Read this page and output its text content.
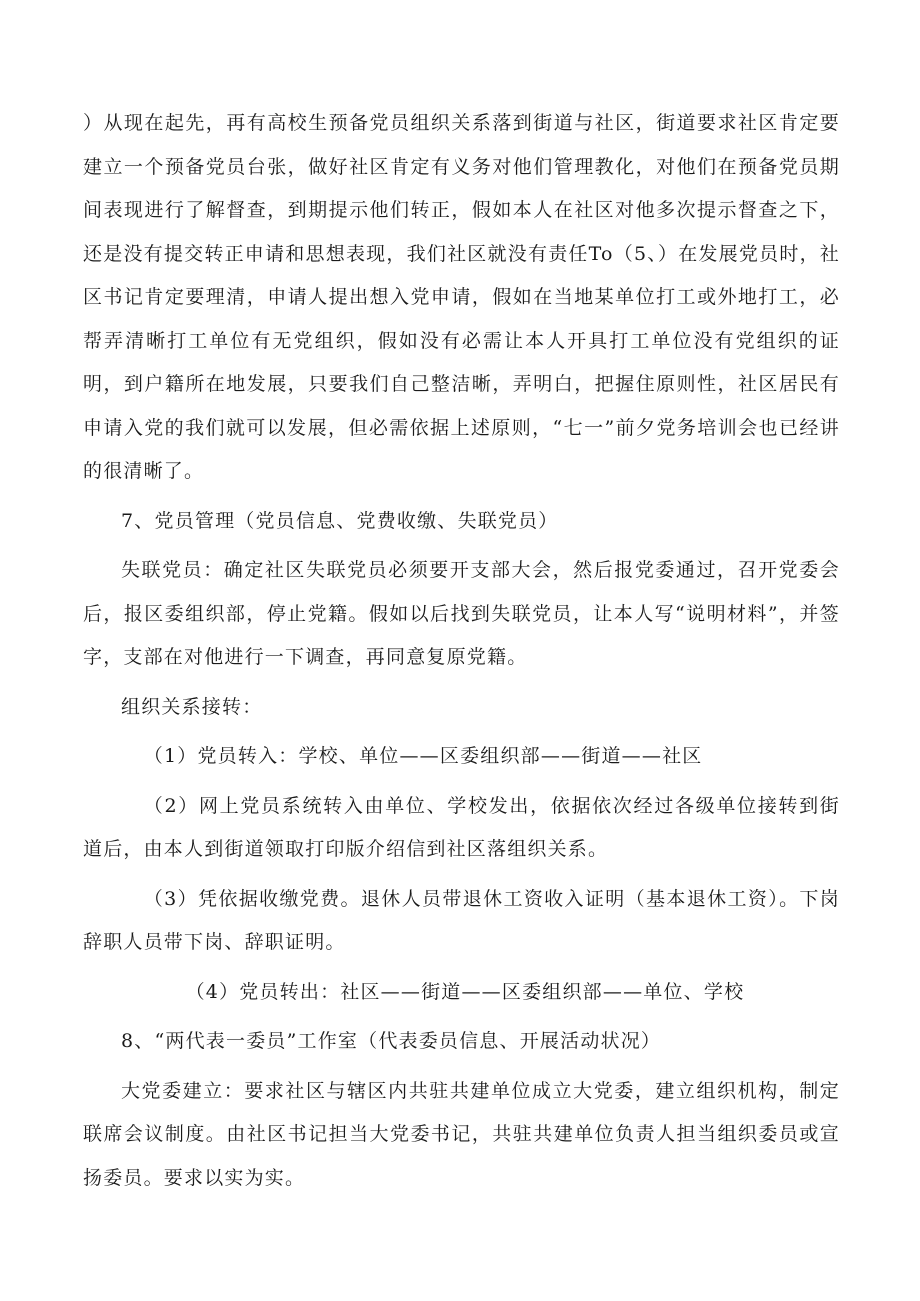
）从现在起先，再有高校生预备党员组织关系落到街道与社区，街道要求社区肯定要建立一个预备党员台张，做好社区肯定有义务对他们管理教化，对他们在预备党员期间表现进行了解督查，到期提示他们转正，假如本人在社区对他多次提示督查之下，还是没有提交转正申请和思想表现，我们社区就没有责任To（5、）在发展党员时，社区书记肯定要理清，申请人提出想入党申请，假如在当地某单位打工或外地打工，必帮弄清晰打工单位有无党组织，假如没有必需让本人开具打工单位没有党组织的证明，到户籍所在地发展，只要我们自己整洁晰，弄明白，把握住原则性，社区居民有申请入党的我们就可以发展，但必需依据上述原则，“七一”前夕党务培训会也已经讲的很清晰了。

7、党员管理（党员信息、党费收缴、失联党员）

失联党员：确定社区失联党员必须要开支部大会，然后报党委通过，召开党委会后，报区委组织部，停止党籍。假如以后找到失联党员，让本人写“说明材料”，并签字，支部在对他进行一下调查，再同意复原党籍。

组织关系接转：

（1）党员转入：学校、单位——区委组织部——街道——社区

（2）网上党员系统转入由单位、学校发出，依据依次经过各级单位接转到街道后，由本人到街道领取打印版介绍信到社区落组织关系。

（3）凭依据收缴党费。退休人员带退休工资收入证明（基本退休工资）。下岗辞职人员带下岗、辞职证明。

（4）党员转出：社区——街道——区委组织部——单位、学校

8、“两代表一委员”工作室（代表委员信息、开展活动状况）

大党委建立：要求社区与辖区内共驻共建单位成立大党委，建立组织机构，制定联席会议制度。由社区书记担当大党委书记，共驻共建单位负责人担当组织委员或宣扬委员。要求以实为实。
